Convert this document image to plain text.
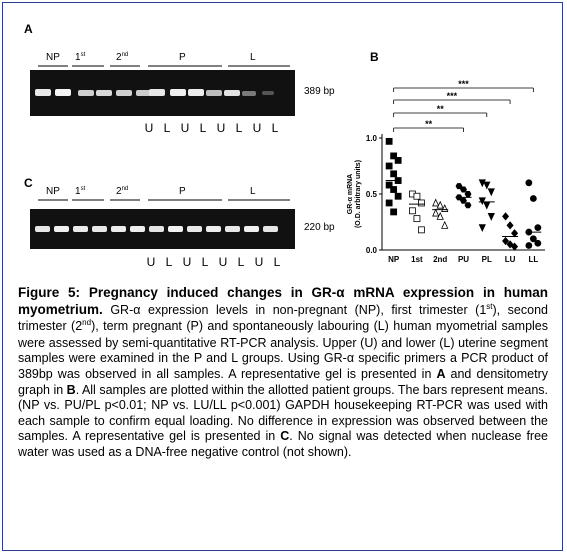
A
NP 1st	2nd	P	L
389 bp
U L U L U L U L
C
NP 1st	2nd	P	L
220 bp
U L U L U L U L
B
***
***
**
**
1.0
0.5
0.0
GR-α mRNA (O.D. arbitrary units)
NP 1st 2nd PU PL LU LL
Figure 5: Pregnancy induced changes in GR-α mRNA expression in human myometrium. GR-α expression levels in non-pregnant (NP), first trimester (1st), second trimester (2nd), term pregnant (P) and spontaneously labouring (L) human myometrial samples were assessed by semi-quantitative RT-PCR analysis. Upper (U) and lower (L) uterine segment samples were examined in the P and L groups. Using GR-α specific primers a PCR product of 389bp was observed in all samples. A representative gel is presented in A and densitometry graph in B. All samples are plotted within the allotted patient groups. The bars represent means. (NP vs. PU/PL p<0.01; NP vs. LU/LL p<0.001) GAPDH housekeeping RT-PCR was used with each sample to confirm equal loading. No difference in expression was observed between the samples. A representative gel is presented in C. No signal was detected when nuclease free water was used as a DNA-free negative control (not shown).
